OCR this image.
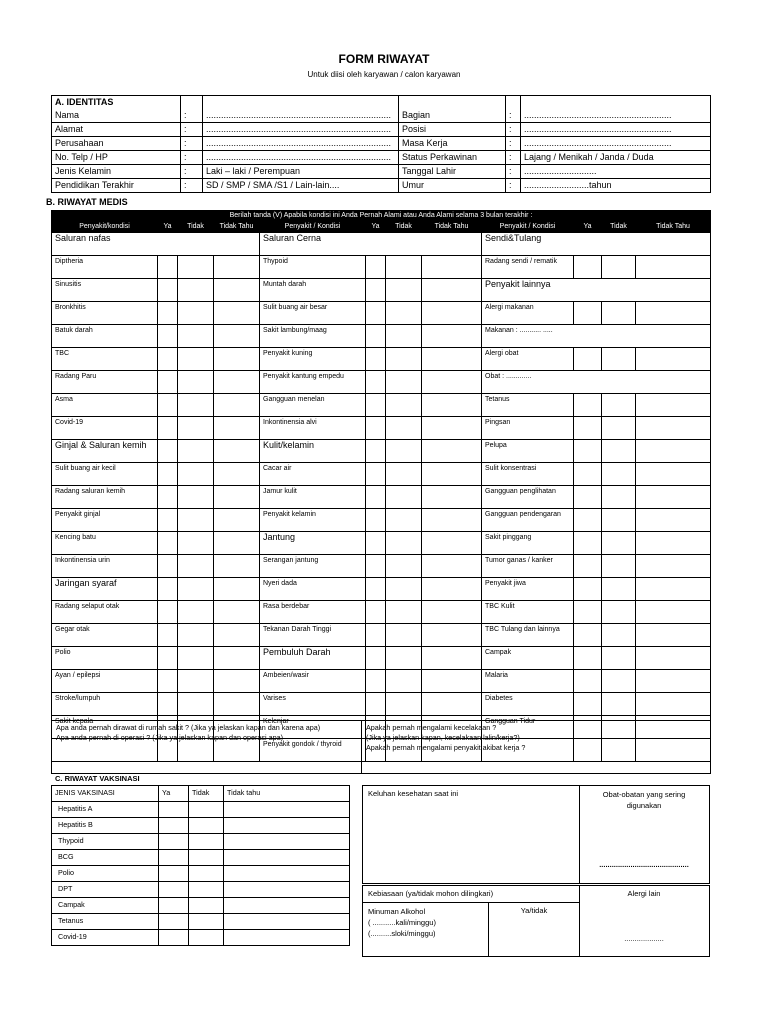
FORM RIWAYAT
Untuk diisi oleh karyawan / calon karyawan
A. IDENTITAS					
Nama	:	..........................................................................	Bagian	:	...........................................................
Alamat	:	..........................................................................	Posisi	:	...........................................................
Perusahaan	:	..........................................................................	Masa Kerja	:	...........................................................
No. Telp / HP	:	..........................................................................	Status Perkawinan	:	Lajang / Menikah / Janda / Duda
Jenis Kelamin	:	Laki – laki / Perempuan	Tanggal Lahir	:	.............................
Pendidikan Terakhir	:	SD / SMP / SMA /S1 / Lain-lain....	Umur	:	..........................tahun
B. RIWAYAT MEDIS
Berilah tanda (V) Apabila kondisi ini Anda Pernah Alami atau Anda Alami selama 3 bulan terakhir :											
Penyakit/kondisi	Ya	Tidak	Tidak Tahu	Penyakit / Kondisi	Ya	Tidak	Tidak Tahu	Penyakit / Kondisi	Ya	Tidak	Tidak Tahu
Saluran nafas				Saluran Cerna				Sendi&Tulang			
Diptheria				Thypoid				Radang sendi / rematik			
Sinusitis				Muntah darah				Penyakit lainnya			
Bronkhitis				Sulit buang air besar				Alergi makanan			
Batuk darah				Sakit lambung/maag				Makanan : ........... .....			
TBC				Penyakit kuning				Alergi obat			
Radang Paru				Penyakit kantung empedu				Obat : .............			
Asma				Gangguan menelan				Tetanus			
Covid-19				Inkontinensia alvi				Pingsan			
Ginjal & Saluran kemih				Kulit/kelamin				Pelupa			
Sulit buang air kecil				Cacar air				Sulit konsentrasi			
Radang saluran kemih				Jamur kulit				Gangguan penglihatan			
Penyakit ginjal				Penyakit kelamin				Gangguan pendengaran			
Kencing batu				Jantung				Sakit pinggang			
Inkontinensia urin				Serangan jantung				Tumor ganas / kanker			
Jaringan syaraf				Nyeri dada				Penyakit jiwa			
Radang selaput otak				Rasa berdebar				TBC Kulit			
Gegar otak				Tekanan Darah Tinggi				TBC Tulang dan lainnya			
Polio				Pembuluh Darah				Campak			
Ayan / epilepsi				Ambeien/wasir				Malaria			
Stroke/lumpuh				Varises				Diabetes			
Sakit kepala				Kelenjar				Gangguan Tidur			
				Penyakit gondok / thyroid							
Apa anda pernah dirawat di rumah sakit ? (Jika ya jelaskan kapan dan karena apa)
Apa anda pernah di operasi ? (Jika ya jelaskan kapan dan operasi apa)
Apakah pernah mengalami kecelakaan ?
(Jika ya jelaskan kapan, kecelakaan lalin/kerja?)
Apakah pernah mengalami penyakit akibat kerja ?
C. RIWAYAT VAKSINASI
JENIS VAKSINASI	Ya	Tidak	Tidak tahu
Hepatitis A			
Hepatitis B			
Thypoid			
BCG			
Polio			
DPT			
Campak			
Tetanus			
Covid-19			
Keluhan kesehatan saat ini	Obat-obatan yang sering digunakan
...........................................
Kebiasaan (ya/tidak mohon dilingkari)	Alergi lain
...................
Minuman Alkohol
( ...........kali/minggu)
(..........sloki/minggu)
Ya/tidak
